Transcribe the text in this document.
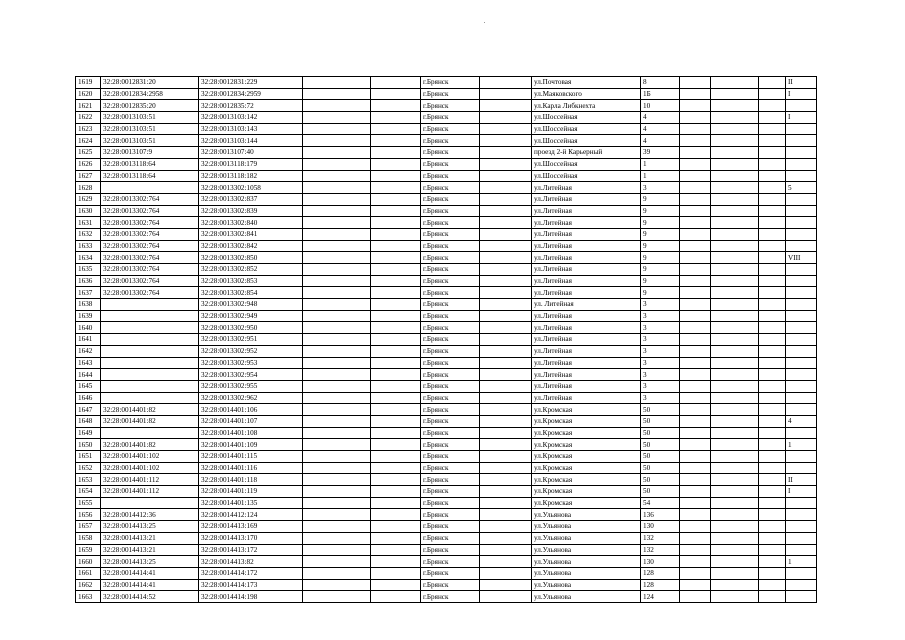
1619	32:28:0012831:20	32:28:0012831:229			г.Брянск		ул.Почтовая	8				II
1620	32:28:0012834:2958	32:28:0012834:2959			г.Брянск		ул.Маяковского	1Б				I
1621	32:28:0012835:20	32:28:0012835:72			г.Брянск		ул.Карла Либкнехта	10				
1622	32:28:0013103:51	32:28:0013103:142			г.Брянск		ул.Шоссейная	4				I
1623	32:28:0013103:51	32:28:0013103:143			г.Брянск		ул.Шоссейная	4				
1624	32:28:0013103:51	32:28:0013103:144			г.Брянск		ул.Шоссейная	4				
1625	32:28:0013107:9	32:28:0013107:40			г.Брянск		проезд 2-й Карьерный	39				
1626	32:28:0013118:64	32:28:0013118:179			г.Брянск		ул.Шоссейная	1				
1627	32:28:0013118:64	32:28:0013118:182			г.Брянск		ул.Шоссейная	1				
1628		32:28:0013302:1058			г.Брянск		ул.Литейная	3				5
1629	32:28:0013302:764	32:28:0013302:837			г.Брянск		ул.Литейная	9				
1630	32:28:0013302:764	32:28:0013302:839			г.Брянск		ул.Литейная	9				
1631	32:28:0013302:764	32:28:0013302:840			г.Брянск		ул.Литейная	9				
1632	32:28:0013302:764	32:28:0013302:841			г.Брянск		ул.Литейная	9				
1633	32:28:0013302:764	32:28:0013302:842			г.Брянск		ул.Литейная	9				
1634	32:28:0013302:764	32:28:0013302:850			г.Брянск		ул.Литейная	9				VIII
1635	32:28:0013302:764	32:28:0013302:852			г.Брянск		ул.Литейная	9				
1636	32:28:0013302:764	32:28:0013302:853			г.Брянск		ул.Литейная	9				
1637	32:28:0013302:764	32:28:0013302:854			г.Брянск		ул.Литейная	9				
1638		32:28:0013302:948			г.Брянск		ул. Литейная	3				
1639		32:28:0013302:949			г.Брянск		ул.Литейная	3				
1640		32:28:0013302:950			г.Брянск		ул.Литейная	3				
1641		32:28:0013302:951			г.Брянск		ул.Литейная	3				
1642		32:28:0013302:952			г.Брянск		ул.Литейная	3				
1643		32:28:0013302:953			г.Брянск		ул.Литейная	3				
1644		32:28:0013302:954			г.Брянск		ул.Литейная	3				
1645		32:28:0013302:955			г.Брянск		ул.Литейная	3				
1646		32:28:0013302:962			г.Брянск		ул.Литейная	3				
1647	32:28:0014401:82	32:28:0014401:106			г.Брянск		ул.Кромская	50				
1648	32:28:0014401:82	32:28:0014401:107			г.Брянск		ул.Кромская	50				4
1649		32:28:0014401:108			г.Брянск		ул.Кромская	50				
1650	32:28:0014401:82	32:28:0014401:109			г.Брянск		ул.Кромская	50				1
1651	32:28:0014401:102	32:28:0014401:115			г.Брянск		ул.Кромская	50				
1652	32:28:0014401:102	32:28:0014401:116			г.Брянск		ул.Кромская	50				
1653	32:28:0014401:112	32:28:0014401:118			г.Брянск		ул.Кромская	50				II
1654	32:28:0014401:112	32:28:0014401:119			г.Брянск		ул.Кромская	50				I
1655		32:28:0014401:135			г.Брянск		ул.Кромская	54				
1656	32:28:0014412:36	32:28:0014412:124			г.Брянск		ул.Ульянова	136				
1657	32:28:0014413:25	32:28:0014413:169			г.Брянск		ул.Ульянова	130				
1658	32:28:0014413:21	32:28:0014413:170			г.Брянск		ул.Ульянова	132				
1659	32:28:0014413:21	32:28:0014413:172			г.Брянск		ул.Ульянова	132				
1660	32:28:0014413:25	32:28:0014413:82			г.Брянск		ул.Ульянова	130				1
1661	32:28:0014414:41	32:28:0014414:172			г.Брянск		ул.Ульянова	128				
1662	32:28:0014414:41	32:28:0014414:173			г.Брянск		ул.Ульянова	128				
1663	32:28:0014414:52	32:28:0014414:198			г.Брянск		ул.Ульянова	124				
